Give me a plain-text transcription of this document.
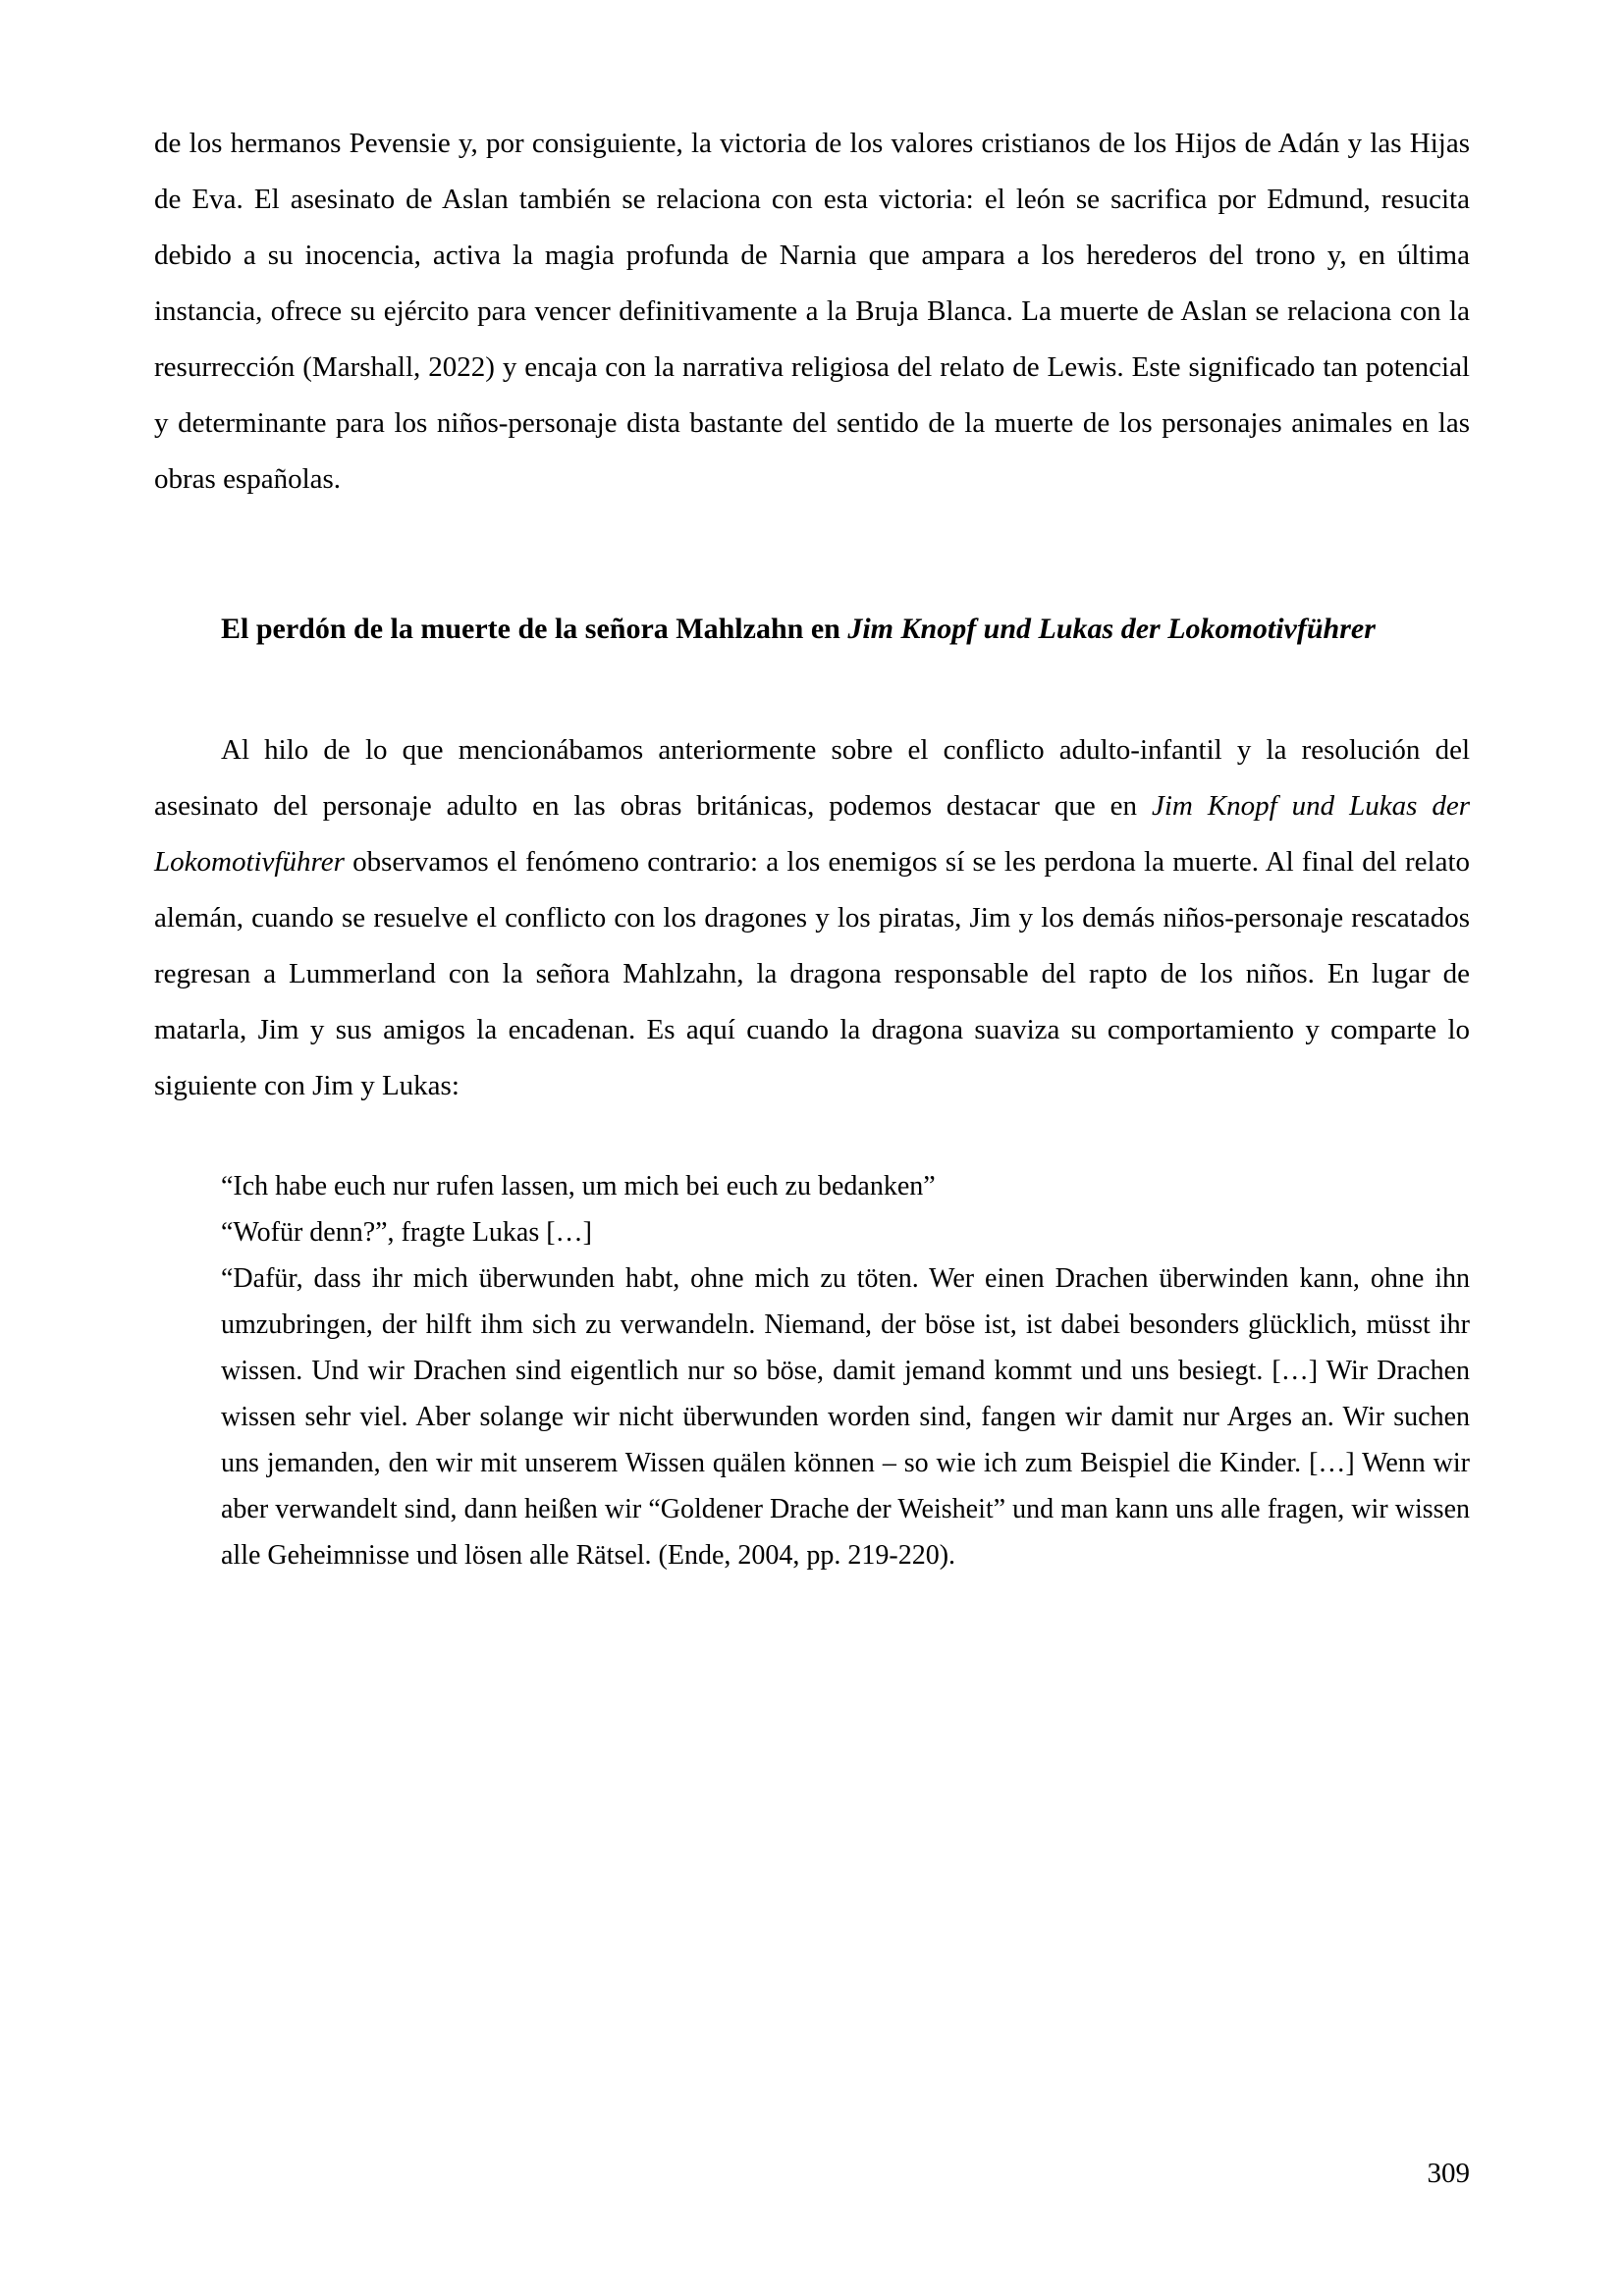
de los hermanos Pevensie y, por consiguiente, la victoria de los valores cristianos de los Hijos de Adán y las Hijas de Eva. El asesinato de Aslan también se relaciona con esta victoria: el león se sacrifica por Edmund, resucita debido a su inocencia, activa la magia profunda de Narnia que ampara a los herederos del trono y, en última instancia, ofrece su ejército para vencer definitivamente a la Bruja Blanca. La muerte de Aslan se relaciona con la resurrección (Marshall, 2022) y encaja con la narrativa religiosa del relato de Lewis. Este significado tan potencial y determinante para los niños-personaje dista bastante del sentido de la muerte de los personajes animales en las obras españolas.

El perdón de la muerte de la señora Mahlzahn en Jim Knopf und Lukas der Lokomotivführer

Al hilo de lo que mencionábamos anteriormente sobre el conflicto adulto-infantil y la resolución del asesinato del personaje adulto en las obras británicas, podemos destacar que en Jim Knopf und Lukas der Lokomotivführer observamos el fenómeno contrario: a los enemigos sí se les perdona la muerte. Al final del relato alemán, cuando se resuelve el conflicto con los dragones y los piratas, Jim y los demás niños-personaje rescatados regresan a Lummerland con la señora Mahlzahn, la dragona responsable del rapto de los niños. En lugar de matarla, Jim y sus amigos la encadenan. Es aquí cuando la dragona suaviza su comportamiento y comparte lo siguiente con Jim y Lukas:

“Ich habe euch nur rufen lassen, um mich bei euch zu bedanken”

“Wofür denn?”, fragte Lukas […]

“Dafür, dass ihr mich überwunden habt, ohne mich zu töten. Wer einen Drachen überwinden kann, ohne ihn umzubringen, der hilft ihm sich zu verwandeln. Niemand, der böse ist, ist dabei besonders glücklich, müsst ihr wissen. Und wir Drachen sind eigentlich nur so böse, damit jemand kommt und uns besiegt. […] Wir Drachen wissen sehr viel. Aber solange wir nicht überwunden worden sind, fangen wir damit nur Arges an. Wir suchen uns jemanden, den wir mit unserem Wissen quälen können – so wie ich zum Beispiel die Kinder. […] Wenn wir aber verwandelt sind, dann heißen wir “Goldener Drache der Weisheit” und man kann uns alle fragen, wir wissen alle Geheimnisse und lösen alle Rätsel. (Ende, 2004, pp. 219-220).

309
